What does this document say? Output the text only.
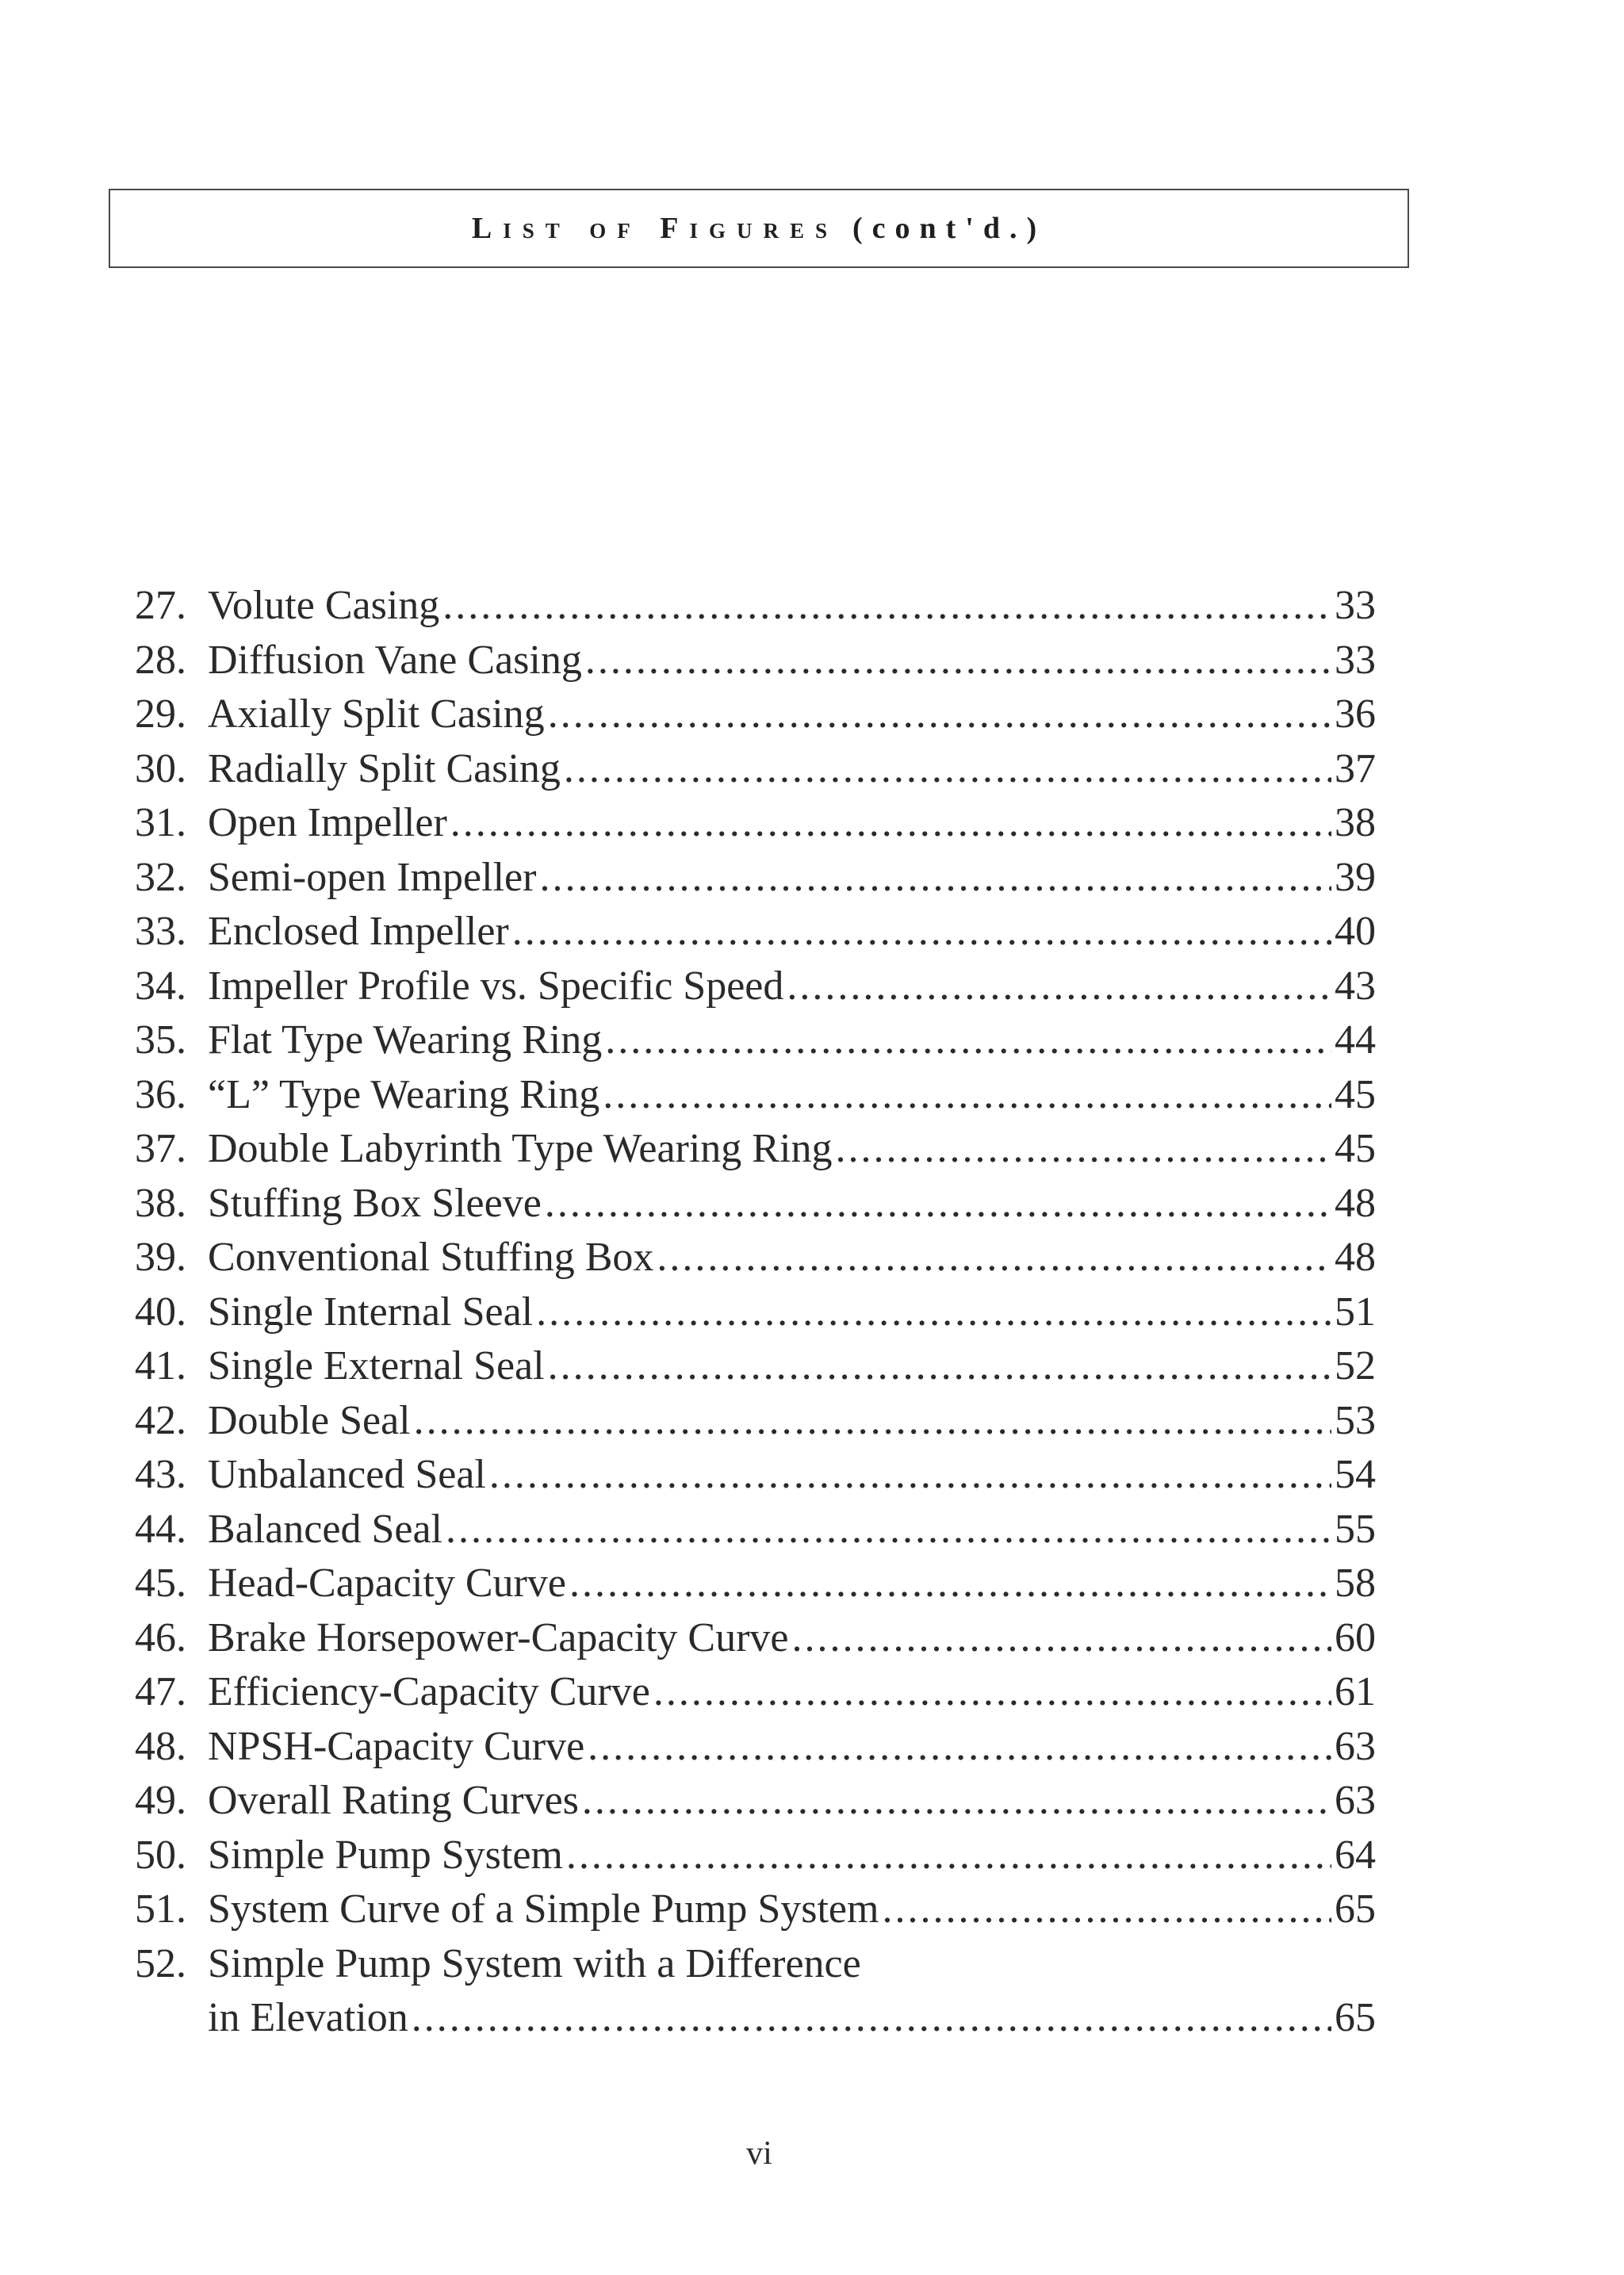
List of Figures (cont'd.)
27. Volute Casing .....	33
28. Diffusion Vane Casing .....	33
29. Axially Split Casing .....	36
30. Radially Split Casing .....	37
31. Open Impeller .....	38
32. Semi-open Impeller .....	39
33. Enclosed Impeller .....	40
34. Impeller Profile vs. Specific Speed .....	43
35. Flat Type Wearing Ring .....	44
36. “L” Type Wearing Ring .....	45
37. Double Labyrinth Type Wearing Ring .....	45
38. Stuffing Box Sleeve .....	48
39. Conventional Stuffing Box .....	48
40. Single Internal Seal .....	51
41. Single External Seal .....	52
42. Double Seal .....	53
43. Unbalanced Seal .....	54
44. Balanced Seal .....	55
45. Head-Capacity Curve .....	58
46. Brake Horsepower-Capacity Curve .....	60
47. Efficiency-Capacity Curve .....	61
48. NPSH-Capacity Curve .....	63
49. Overall Rating Curves .....	63
50. Simple Pump System .....	64
51. System Curve of a Simple Pump System .....	65
52. Simple Pump System with a Difference
in Elevation .....	65
vi
